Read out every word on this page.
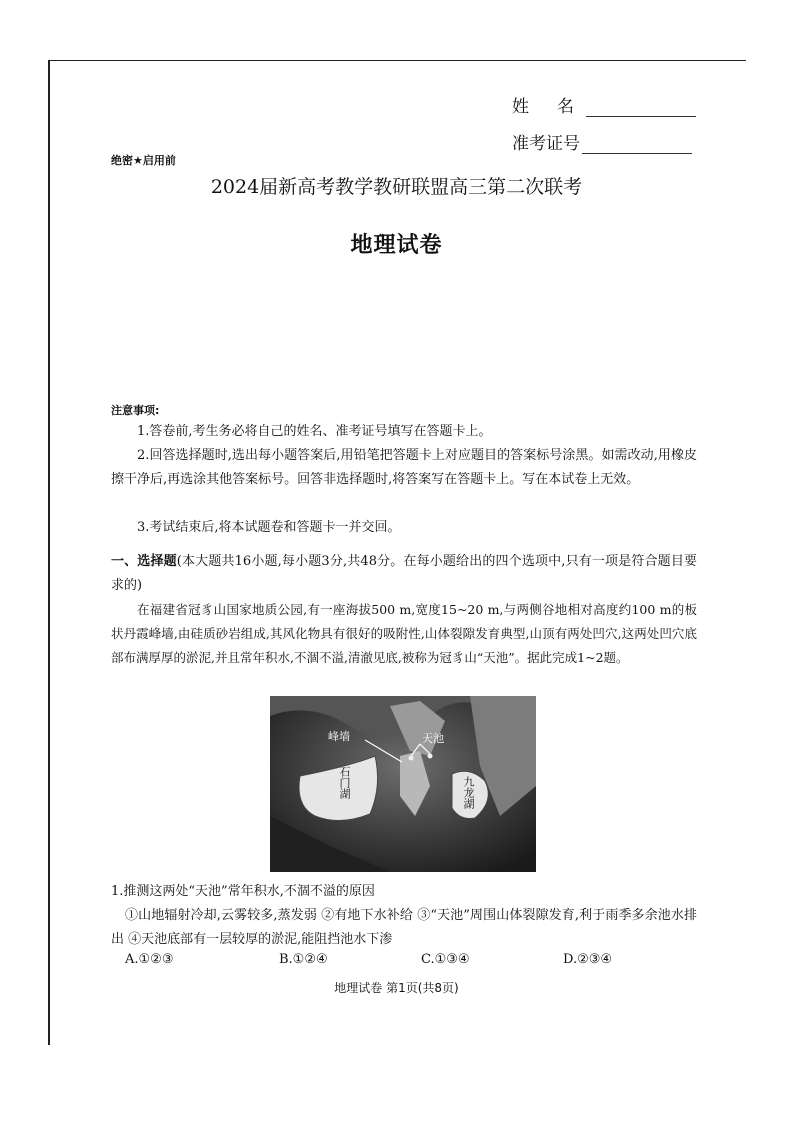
姓名
准考证号
绝密★启用前
2024届新高考教学教研联盟高三第二次联考
地理试卷
注意事项:
1.答卷前,考生务必将自己的姓名、准考证号填写在答题卡上。
2.回答选择题时,选出每小题答案后,用铅笔把答题卡上对应题目的答案标号涂黑。如需改动,用橡皮擦干净后,再选涂其他答案标号。回答非选择题时,将答案写在答题卡上。写在本试卷上无效。
3.考试结束后,将本试题卷和答题卡一并交回。
一、选择题(本大题共16小题,每小题3分,共48分。在每小题给出的四个选项中,只有一项是符合题目要求的)
在福建省冠豸山国家地质公园,有一座海拔500 m,宽度15~20 m,与两侧谷地相对高度约100 m的板状丹霞峰墙,由硅质砂岩组成,其风化物具有很好的吸附性,山体裂隙发育典型,山顶有两处凹穴,这两处凹穴底部布满厚厚的淤泥,并且常年积水,不涸不溢,清澈见底,被称为冠豸山“天池”。据此完成1~2题。
峰墙	天池
石门湖	九龙湖
1.推测这两处“天池”常年积水,不涸不溢的原因
①山地辐射冷却,云雾较多,蒸发弱 ②有地下水补给 ③“天池”周围山体裂隙发育,利于雨季多余池水排出 ④天池底部有一层较厚的淤泥,能阻挡池水下渗
A.①②③	B.①②④	C.①③④	D.②③④
地理试卷 第1页(共8页)
